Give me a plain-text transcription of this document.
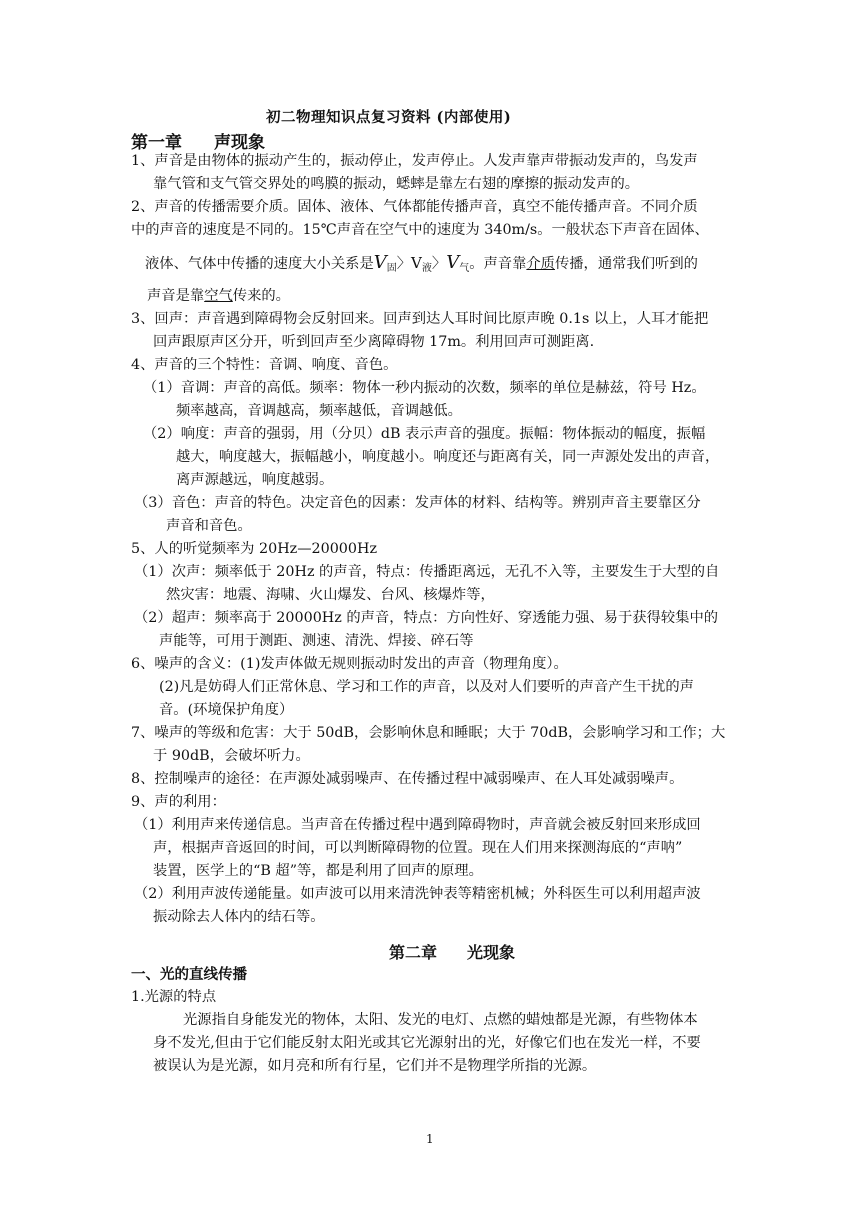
初二物理知识点复习资料 (内部使用)
第一章 声现象
1、声音是由物体的振动产生的，振动停止，发声停止。人发声靠声带振动发声的，鸟发声
靠气管和支气管交界处的鸣膜的振动，蟋蟀是靠左右翅的摩擦的振动发声的。
2、声音的传播需要介质。固体、液体、气体都能传播声音，真空不能传播声音。不同介质
中的声音的速度是不同的。15℃声音在空气中的速度为 340m/s。一般状态下声音在固体、
液体、气体中传播的速度大小关系是$V_固$〉$V_液$〉$V_气$。声音靠介质传播，通常我们听到的
声音是靠空气传来的。
3、回声：声音遇到障碍物会反射回来。回声到达人耳时间比原声晚 0.1s 以上，人耳才能把
回声跟原声区分开，听到回声至少离障碍物 17m。利用回声可测距离.
4、声音的三个特性：音调、响度、音色。
（1）音调：声音的高低。频率：物体一秒内振动的次数，频率的单位是赫兹，符号 Hz。
频率越高，音调越高，频率越低，音调越低。
（2）响度：声音的强弱，用（分贝）dB 表示声音的强度。振幅：物体振动的幅度，振幅
越大，响度越大，振幅越小，响度越小。响度还与距离有关，同一声源处发出的声音，
离声源越远，响度越弱。
（3）音色：声音的特色。决定音色的因素：发声体的材料、结构等。辨别声音主要靠区分
声音和音色。
5、人的听觉频率为 20Hz—20000Hz
（1）次声：频率低于 20Hz 的声音，特点：传播距离远，无孔不入等，主要发生于大型的自
然灾害：地震、海啸、火山爆发、台风、核爆炸等，
（2）超声：频率高于 20000Hz 的声音，特点：方向性好、穿透能力强、易于获得较集中的
声能等，可用于测距、测速、清洗、焊接、碎石等
6、噪声的含义：(1)发声体做无规则振动时发出的声音（物理角度）。
(2)凡是妨碍人们正常休息、学习和工作的声音，以及对人们要听的声音产生干扰的声
音。(环境保护角度）
7、噪声的等级和危害：大于 50dB，会影响休息和睡眠；大于 70dB，会影响学习和工作；大
于 90dB，会破坏听力。
8、控制噪声的途径：在声源处减弱噪声、在传播过程中减弱噪声、在人耳处减弱噪声。
9、声的利用：
（1）利用声来传递信息。当声音在传播过程中遇到障碍物时，声音就会被反射回来形成回
声，根据声音返回的时间，可以判断障碍物的位置。现在人们用来探测海底的“声呐”
装置，医学上的“B 超”等，都是利用了回声的原理。
（2）利用声波传递能量。如声波可以用来清洗钟表等精密机械；外科医生可以利用超声波
振动除去人体内的结石等。
第二章 光现象
一、光的直线传播
1.光源的特点
光源指自身能发光的物体，太阳、发光的电灯、点燃的蜡烛都是光源，有些物体本
身不发光,但由于它们能反射太阳光或其它光源射出的光，好像它们也在发光一样，不要
被误认为是光源，如月亮和所有行星，它们并不是物理学所指的光源。
1
